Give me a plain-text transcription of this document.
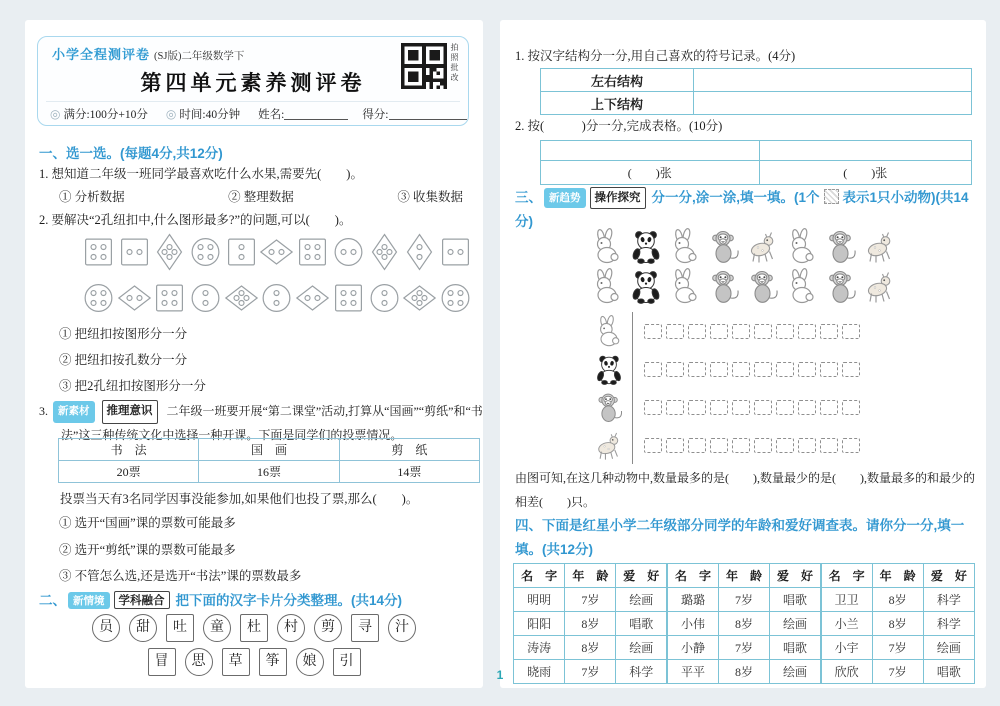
小学全程测评卷 (SJ版)二年级数学下
第四单元素养测评卷	拍照批改
◎ 满分:100分+10分 ◎ 时间:40分钟 姓名:	得分:
一、选一选。(每题4分,共12分)
1. 想知道二年级一班同学最喜欢吃什么水果,需要先(　　)。
① 分析数据	② 整理数据	③ 收集数据
2. 要解决“2孔纽扣中,什么图形最多?”的问题,可以(　　)。
① 把纽扣按图形分一分
② 把纽扣按孔数分一分
③ 把2孔纽扣按图形分一分
3. 新素材 推理意识 二年级一班要开展“第二课堂”活动,打算从“国画”“剪纸”和“书法”这三种传统文化中选择一种开课。下面是同学们的投票情况。
书　法	国　画	剪　纸
20票	16票	14票
投票当天有3名同学因事没能参加,如果他们也投了票,那么(　　)。
① 选开“国画”课的票数可能最多
② 选开“剪纸”课的票数可能最多
③ 不管怎么选,还是选开“书法”课的票数最多
二、 新情境 学科融合 把下面的汉字卡片分类整理。(共14分)
员	甜	吐	童	杜	村	剪	寻	汁
冒	思	草	筝	娘	引
1. 按汉字结构分一分,用自己喜欢的符号记录。(4分)
左右结构	
上下结构	
2. 按(　　　)分一分,完成表格。(10分)

(　　)张	(　　)张
三、 新趋势 操作探究 分一分,涂一涂,填一填。(1个 表示1只小动物)(共14分)
由图可知,在这几种动物中,数量最多的是(　　),数量最少的是(　　),数量最多的和最少的相差(　　)只。
四、下面是红星小学二年级部分同学的年龄和爱好调查表。请你分一分,填一填。(共12分)
名　字	年　龄	爱　好	名　字	年　龄	爱　好	名　字	年　龄	爱　好
明明	7岁	绘画	璐璐	7岁	唱歌	卫卫	8岁	科学
阳阳	8岁	唱歌	小伟	8岁	绘画	小兰	8岁	科学
涛涛	8岁	绘画	小静	7岁	唱歌	小宇	7岁	绘画
晓雨	7岁	科学	平平	8岁	绘画	欣欣	7岁	唱歌
1
